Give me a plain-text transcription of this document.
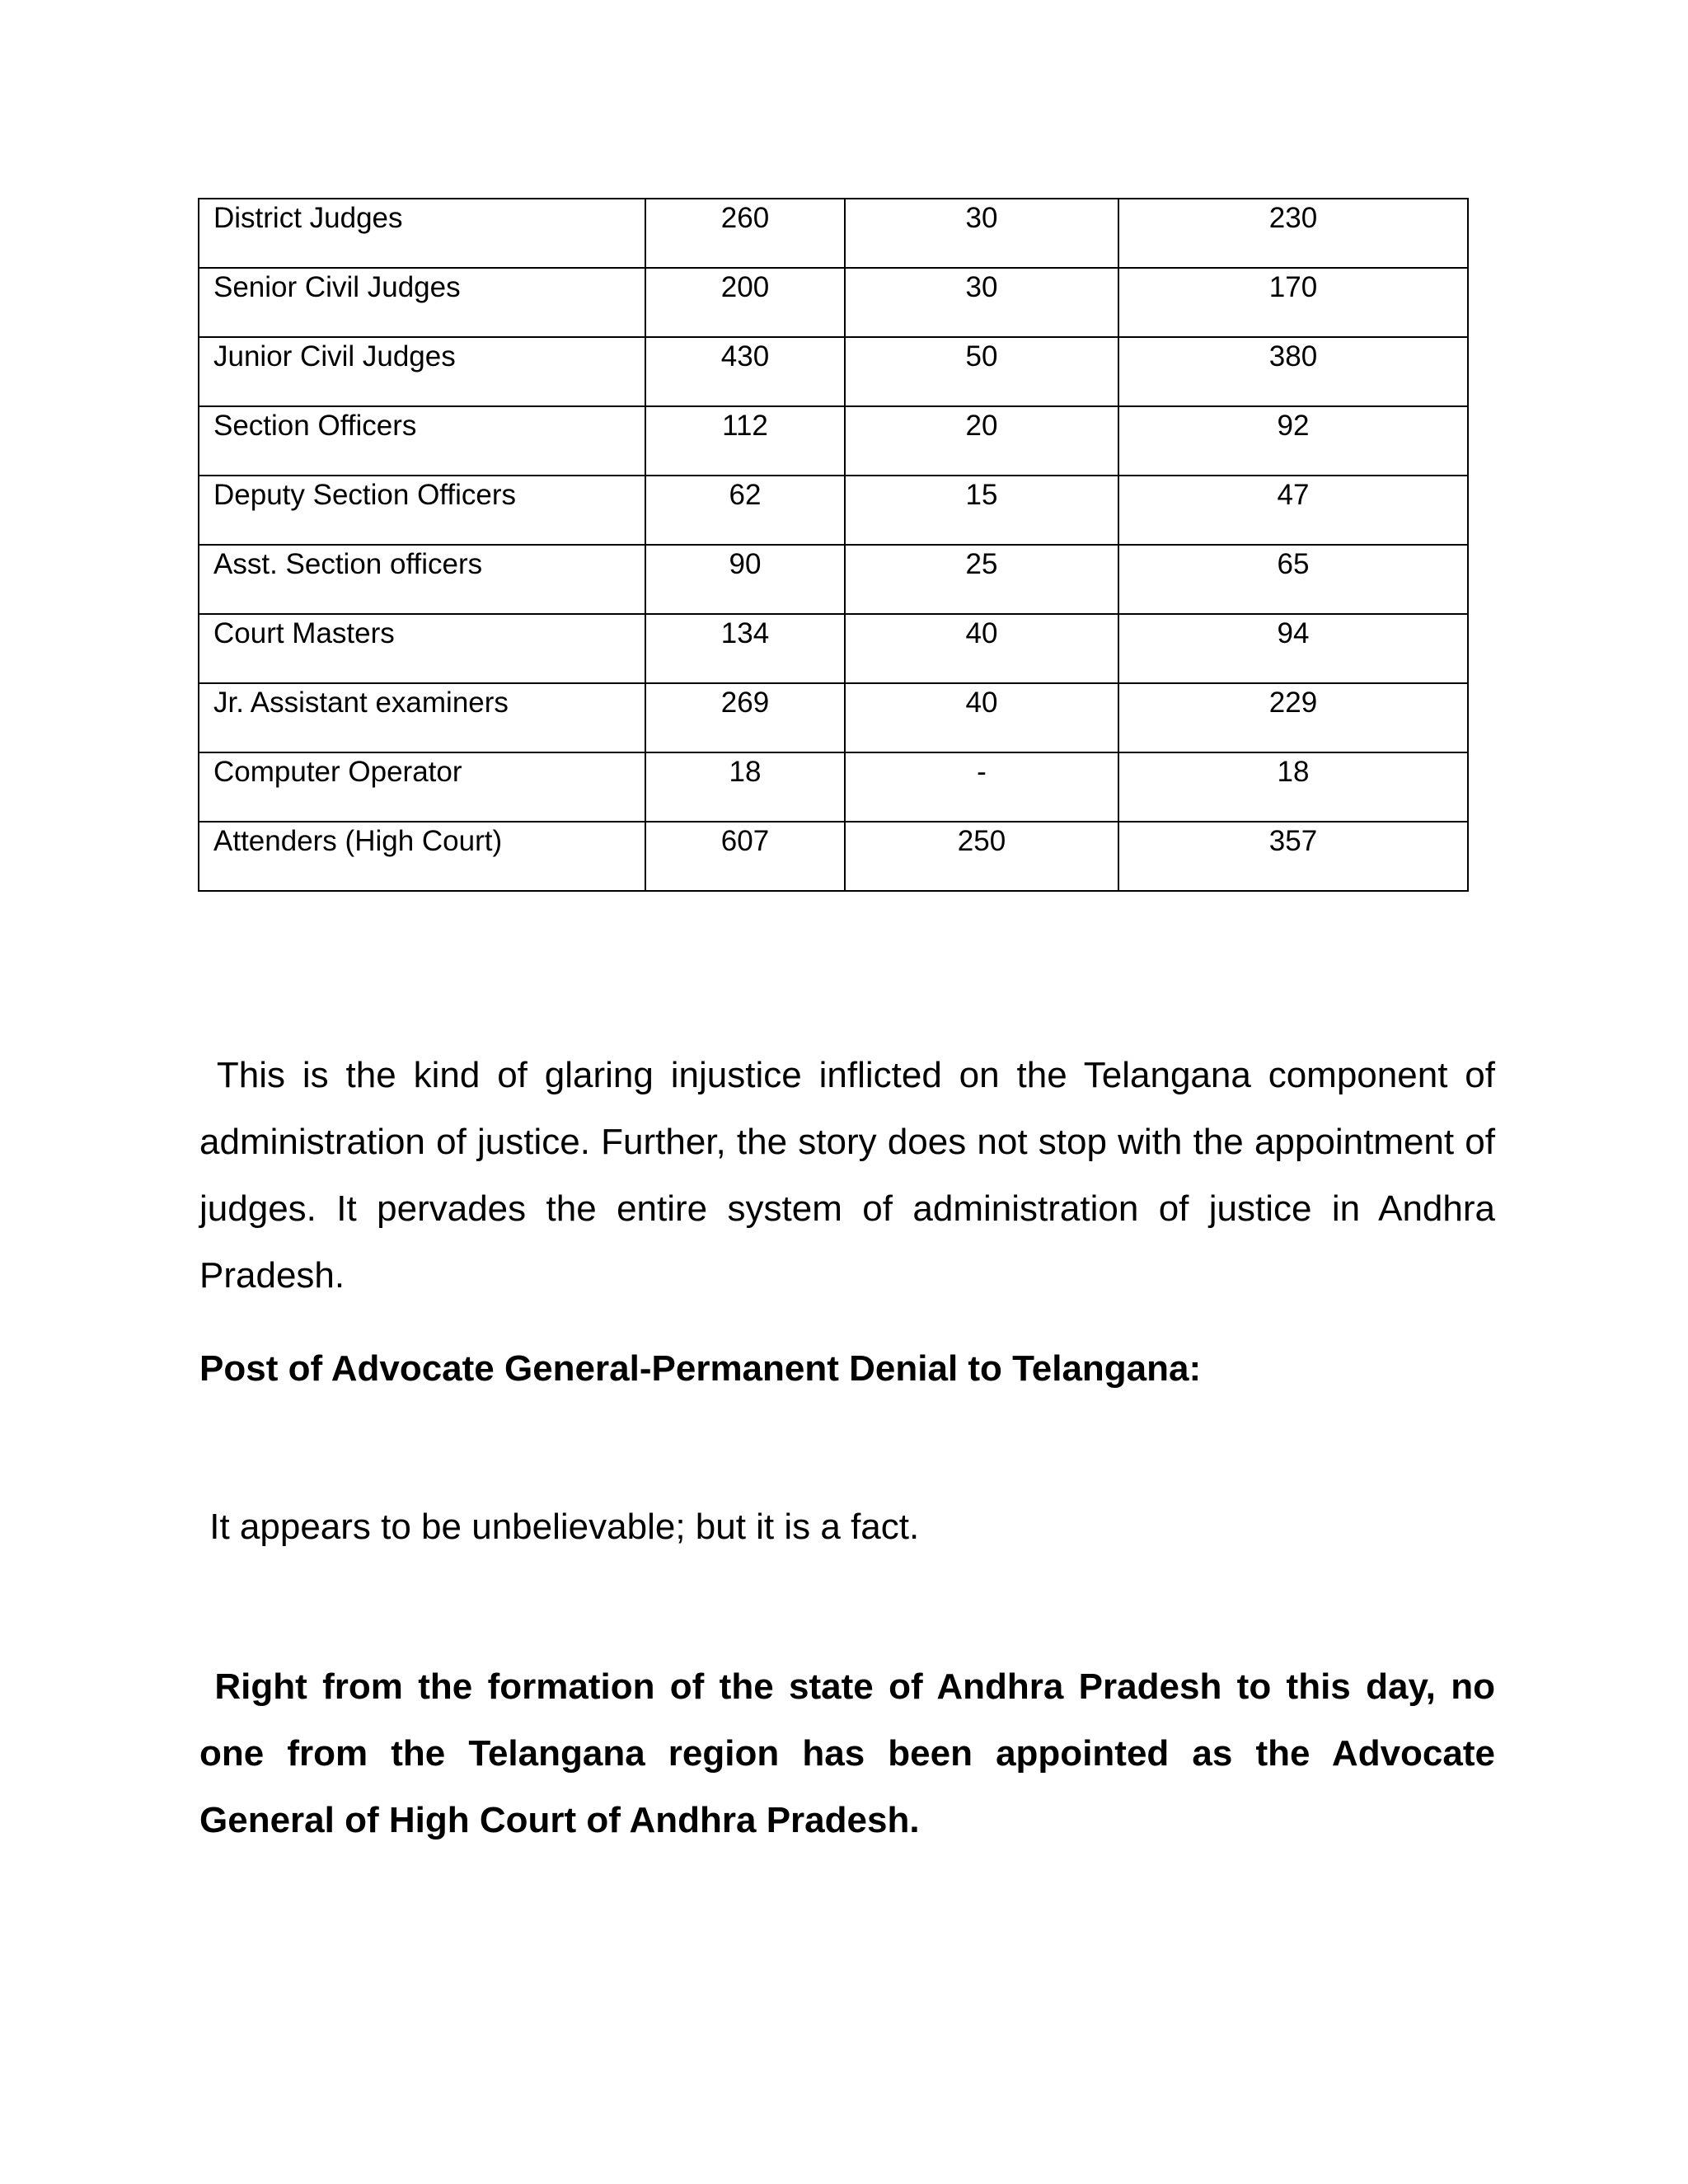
District Judges	260	30	230

Senior Civil Judges	200	30	170

Junior Civil Judges	430	50	380

Section Officers	112	20	92

Deputy Section Officers	62	15	47

Asst. Section officers	90	25	65

Court Masters	134	40	94

Jr. Assistant examiners	269	40	229

Computer Operator	18	-	18

Attenders (High Court)	607	250	357

This is the kind of glaring injustice inflicted on the Telangana component of administration of justice. Further, the story does not stop with the appointment of judges. It pervades the entire system of administration of justice in Andhra Pradesh.

Post of Advocate General-Permanent Denial to Telangana:

It appears to be unbelievable; but it is a fact.

Right from the formation of the state of Andhra Pradesh to this day, no one from the Telangana region has been appointed as the Advocate General of High Court of Andhra Pradesh.
